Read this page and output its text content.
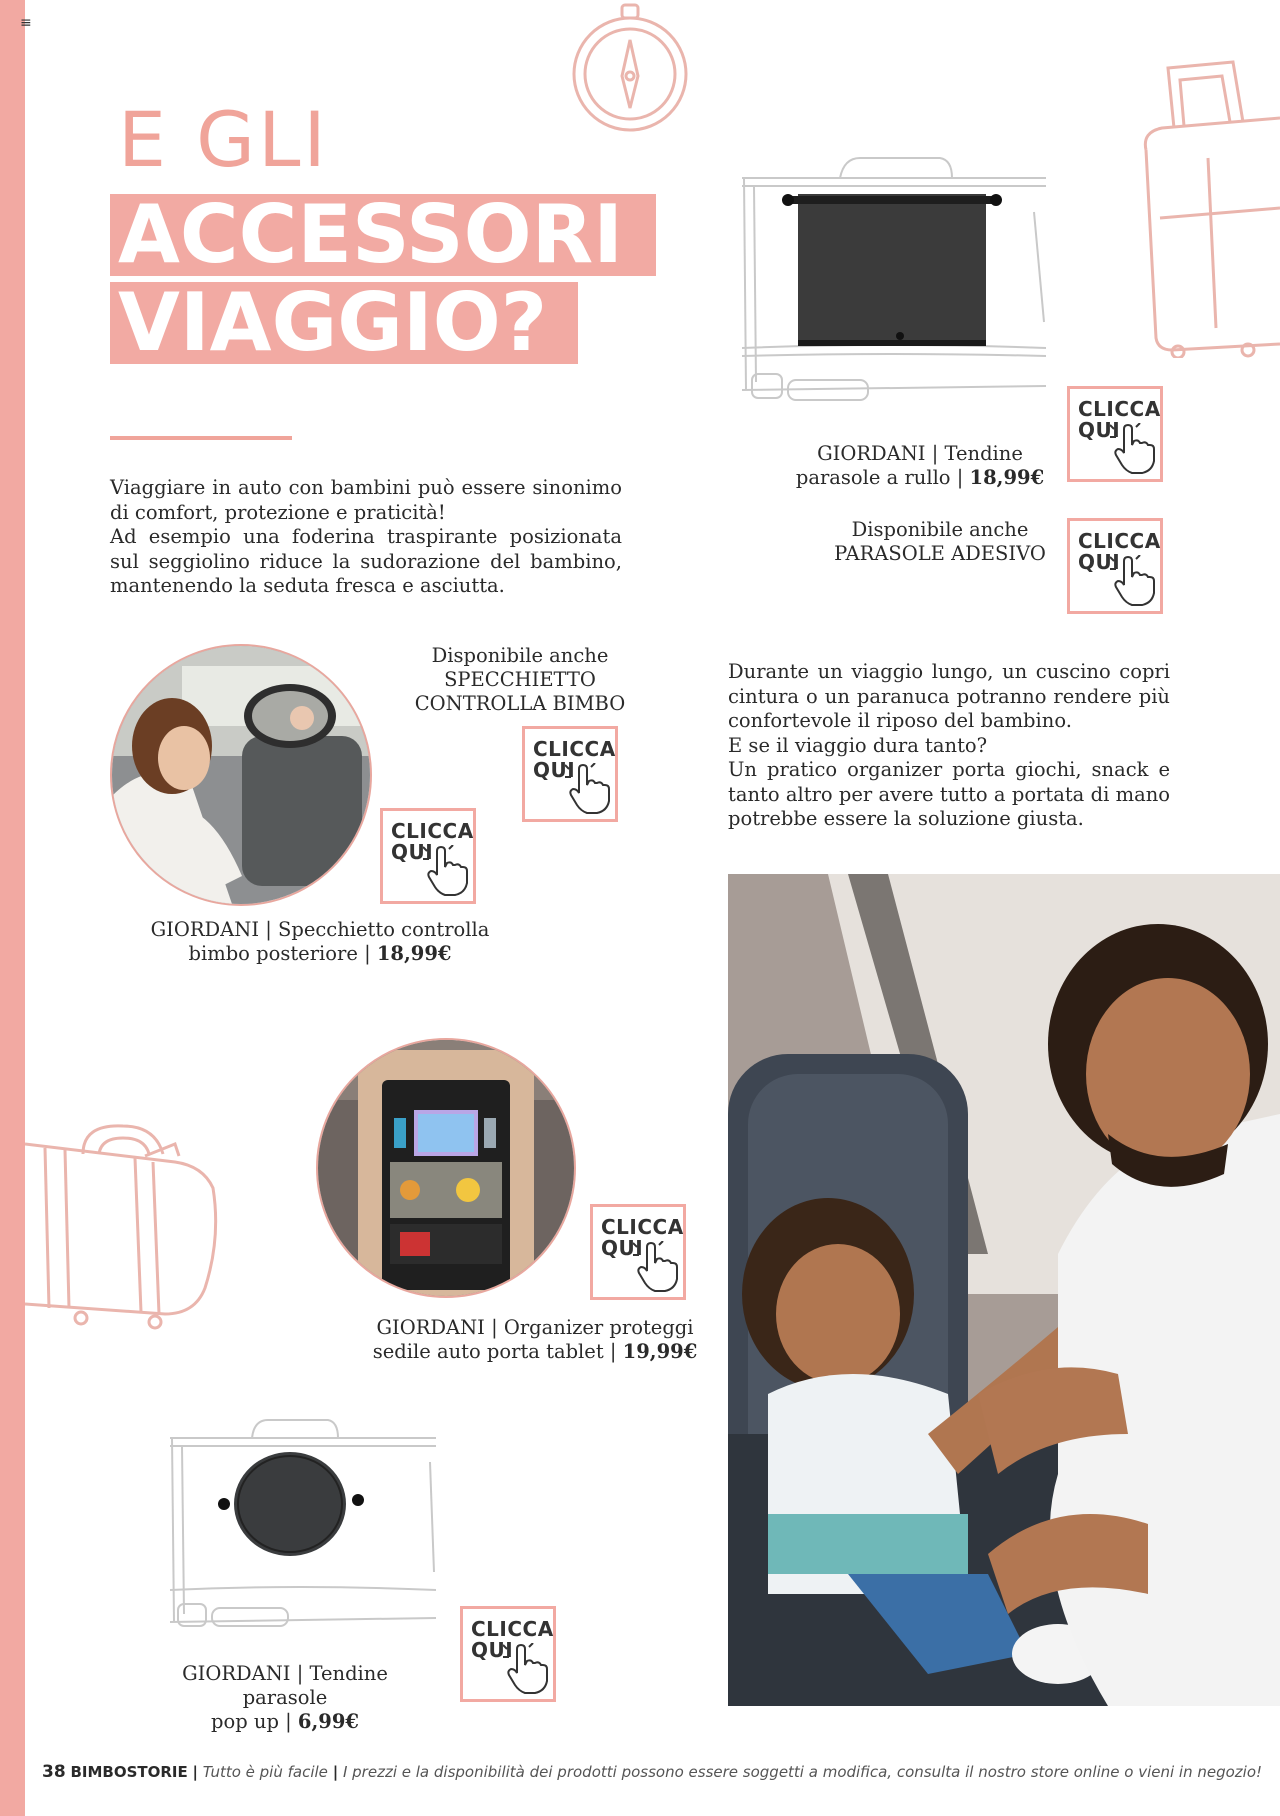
≡
E GLI
ACCESSORI
VIAGGIO?

Viaggiare in auto con bambini può essere sinonimo di comfort, protezione e praticità!

Ad esempio una foderina traspirante posizionata sul seggiolino riduce la sudorazione del bambino, mantenendo la seduta fresca e asciutta.

CLICCA
QUI
GIORDANI | Tendine
parasole a rullo | 18,99€
Disponibile anche
PARASOLE ADESIVO
CLICCA
QUI
Disponibile anche
SPECCHIETTO
CONTROLLA BIMBO
CLICCA
QUI
CLICCA
QUI
GIORDANI | Specchietto controlla
bimbo posteriore | 18,99€
CLICCA
QUI
GIORDANI | Organizer proteggi
sedile auto porta tablet | 19,99€
CLICCA
QUI
GIORDANI | Tendine parasole
pop up | 6,99€

Durante un viaggio lungo, un cuscino copri cintura o un paranuca potranno rendere più confortevole il riposo del bambino.

E se il viaggio dura tanto?

Un pratico organizer porta giochi, snack e tanto altro per avere tutto a portata di mano potrebbe essere la soluzione giusta.

38 BIMBOSTORIE | Tutto è più facile | I prezzi e la disponibilità dei prodotti possono essere soggetti a modifica, consulta il nostro store online o vieni in negozio!
